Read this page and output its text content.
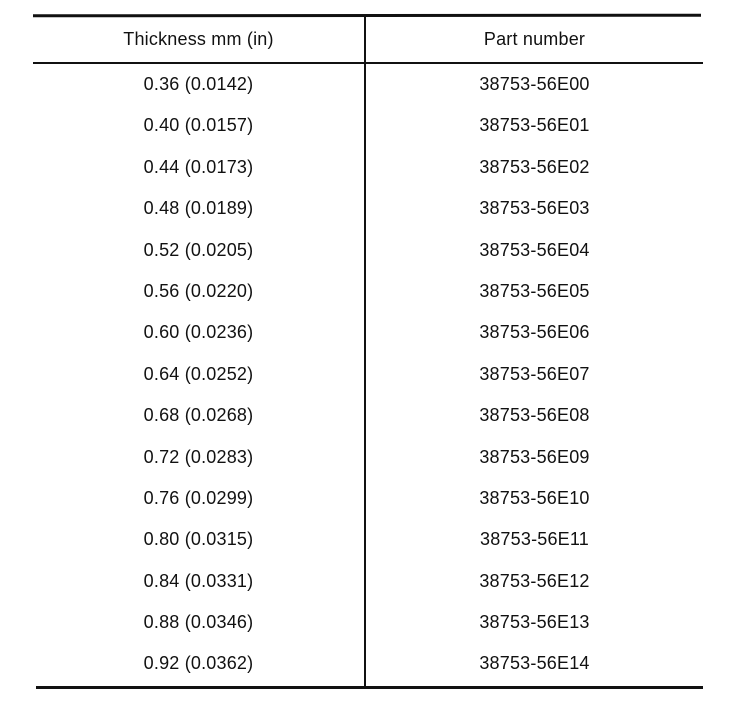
Thickness mm (in)	Part number
0.36 (0.0142)	38753-56E00
0.40 (0.0157)	38753-56E01
0.44 (0.0173)	38753-56E02
0.48 (0.0189)	38753-56E03
0.52 (0.0205)	38753-56E04
0.56 (0.0220)	38753-56E05
0.60 (0.0236)	38753-56E06
0.64 (0.0252)	38753-56E07
0.68 (0.0268)	38753-56E08
0.72 (0.0283)	38753-56E09
0.76 (0.0299)	38753-56E10
0.80 (0.0315)	38753-56E11
0.84 (0.0331)	38753-56E12
0.88 (0.0346)	38753-56E13
0.92 (0.0362)	38753-56E14
